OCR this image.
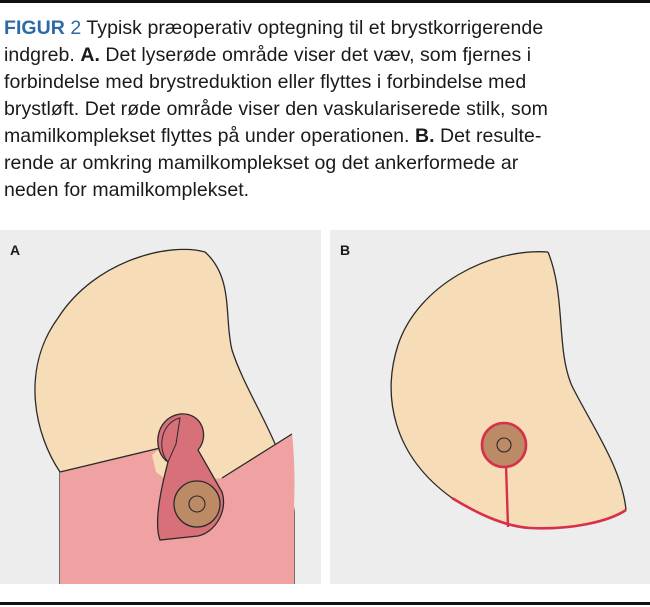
FIGUR 2 Typisk præoperativ optegning til et brystkorrigerende
indgreb. A. Det lyserøde område viser det væv, som fjernes i
forbindelse med brystreduktion eller flyttes i forbindelse med
brystløft. Det røde område viser den vaskulariserede stilk, som
mamilkomplekset flyttes på under operationen. B. Det resulte-
rende ar omkring mamilkomplekset og det ankerformede ar
neden for mamilkomplekset.
A	B
